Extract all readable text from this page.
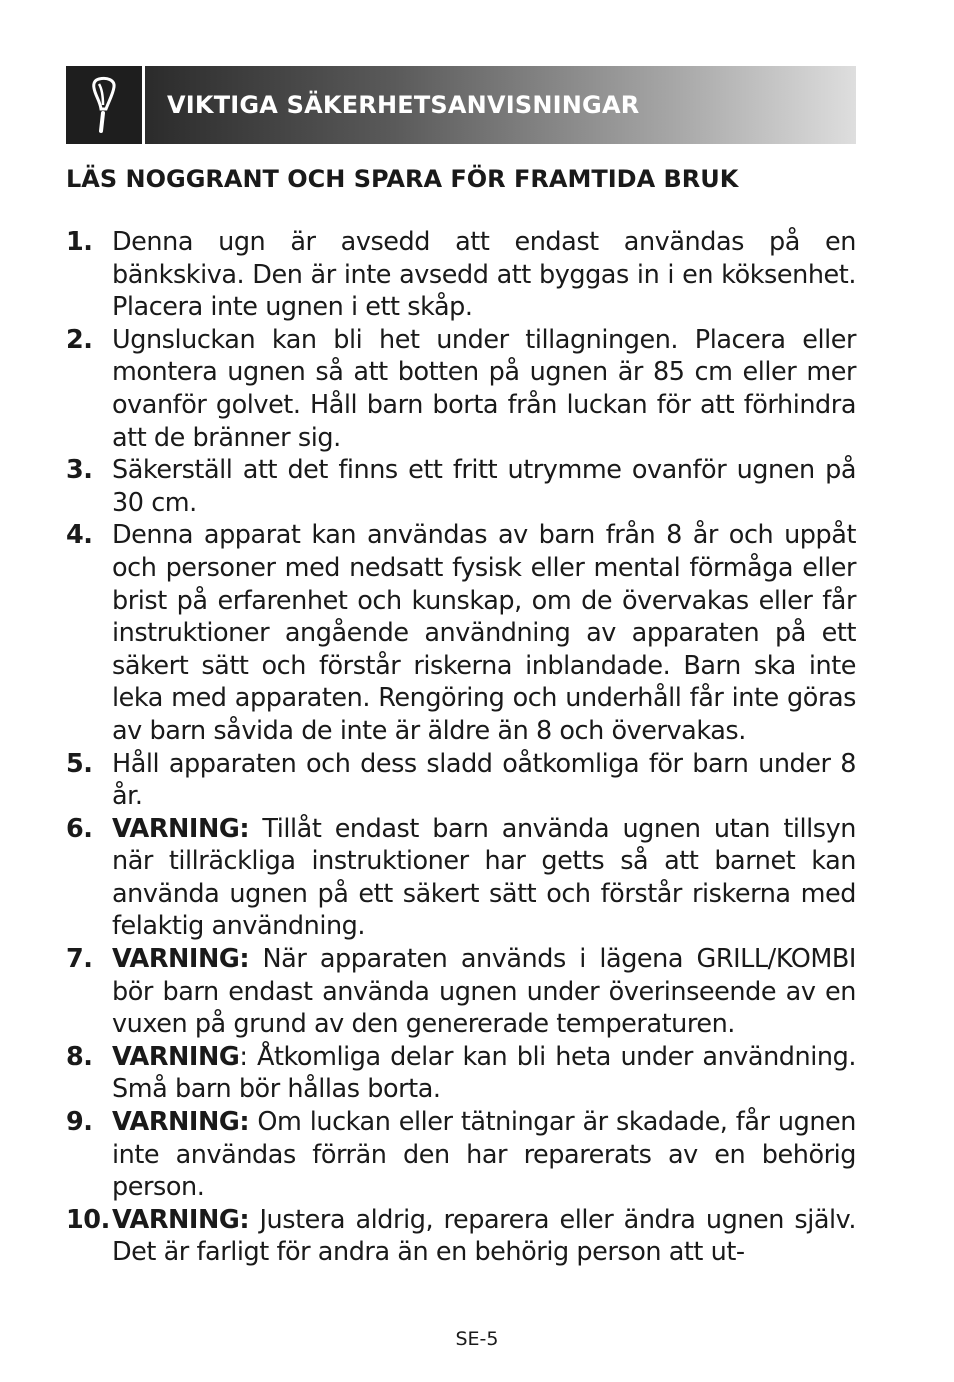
VIKTIGA SÄKERHETSANVISNINGAR
LÄS NOGGRANT OCH SPARA FÖR FRAMTIDA BRUK
1. Denna ugn är avsedd att endast användas på en bänkskiva. Den är inte avsedd att byggas in i en köksenhet. Placera inte ugnen i ett skåp.
2. Ugnsluckan kan bli het under tillagningen. Placera eller montera ugnen så att botten på ugnen är 85 cm eller mer ovanför golvet. Håll barn borta från luckan för att förhindra att de bränner sig.
3. Säkerställ att det finns ett fritt utrymme ovanför ugnen på 30 cm.
4. Denna apparat kan användas av barn från 8 år och uppåt och personer med nedsatt fysisk eller mental förmåga eller brist på erfarenhet och kunskap, om de övervakas eller får instruktioner angående användning av apparaten på ett säkert sätt och förstår riskerna inblandade. Barn ska inte leka med apparaten. Rengöring och underhåll får inte göras av barn såvida de inte är äldre än 8 och övervakas.
5. Håll apparaten och dess sladd oåtkomliga för barn under 8 år.
6. VARNING: Tillåt endast barn använda ugnen utan tillsyn när tillräckliga instruktioner har getts så att barnet kan använda ugnen på ett säkert sätt och förstår riskerna med felaktig användning.
7. VARNING: När apparaten används i lägena GRILL/KOMBI bör barn endast använda ugnen under överinseende av en vuxen på grund av den genererade temperaturen.
8. VARNING: Åtkomliga delar kan bli heta under användning. Små barn bör hållas borta.
9. VARNING: Om luckan eller tätningar är skadade, får ugnen inte användas förrän den har reparerats av en behörig person.
10. VARNING: Justera aldrig, reparera eller ändra ugnen själv. Det är farligt för andra än en behörig person att ut-
SE-5
